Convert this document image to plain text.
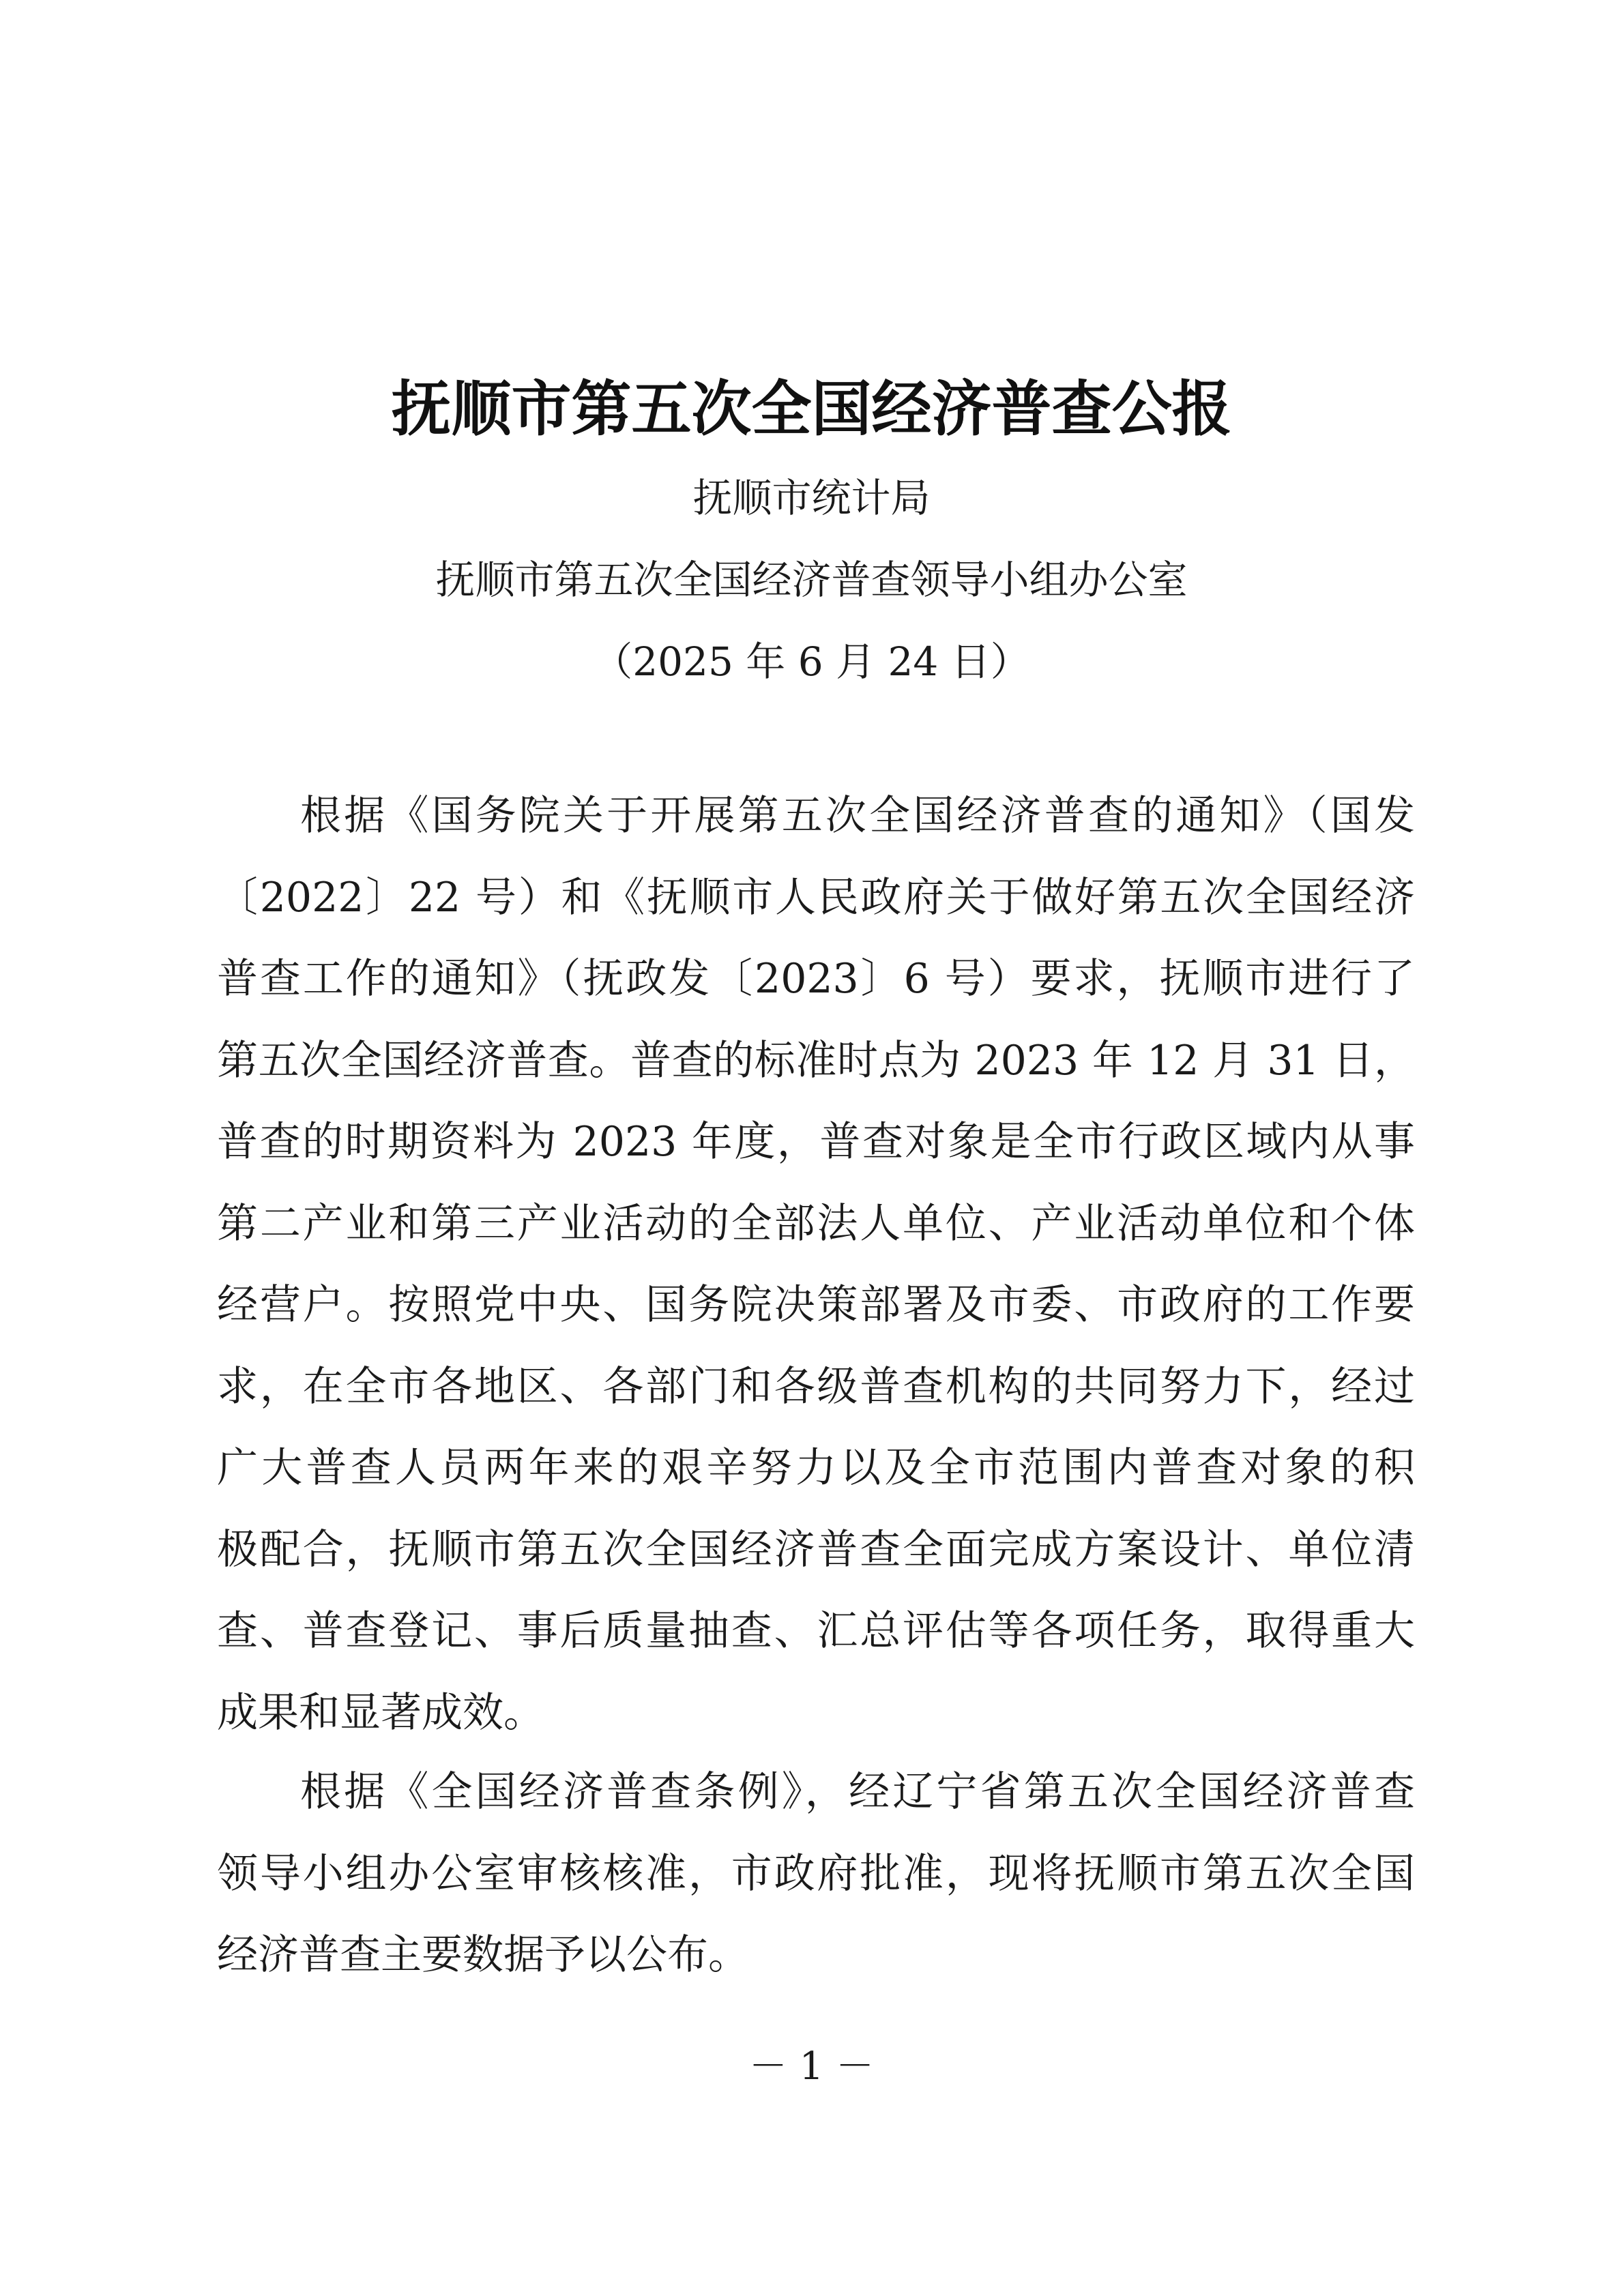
抚顺市第五次全国经济普查公报
抚顺市统计局
抚顺市第五次全国经济普查领导小组办公室
（2025 年 6 月 24 日）
根据《国务院关于开展第五次全国经济普查的通知》（国发
〔2022〕22 号）和《抚顺市人民政府关于做好第五次全国经济
普查工作的通知》（抚政发〔2023〕6 号）要求，抚顺市进行了
第五次全国经济普查。普查的标准时点为 2023 年 12 月 31 日，
普查的时期资料为 2023 年度，普查对象是全市行政区域内从事
第二产业和第三产业活动的全部法人单位、产业活动单位和个体
经营户。按照党中央、国务院决策部署及市委、市政府的工作要
求，在全市各地区、各部门和各级普查机构的共同努力下，经过
广大普查人员两年来的艰辛努力以及全市范围内普查对象的积
极配合，抚顺市第五次全国经济普查全面完成方案设计、单位清
查、普查登记、事后质量抽查、汇总评估等各项任务，取得重大
成果和显著成效。
根据《全国经济普查条例》，经辽宁省第五次全国经济普查
领导小组办公室审核核准，市政府批准，现将抚顺市第五次全国
经济普查主要数据予以公布。
－ 1 －
